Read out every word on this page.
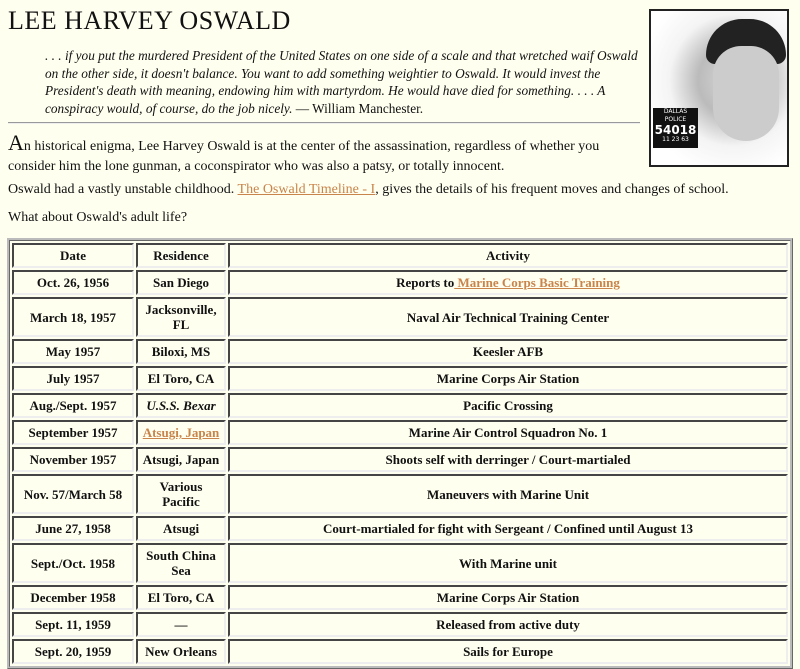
LEE HARVEY OSWALD
. . . if you put the murdered President of the United States on one side of a scale and that wretched waif Oswald on the other side, it doesn't balance. You want to add something weightier to Oswald. It would invest the President's death with meaning, endowing him with martyrdom. He would have died for something. . . . A conspiracy would, of course, do the job nicely. — William Manchester.	DALLAS
POLICE
54018
11 23 63
An historical enigma, Lee Harvey Oswald is at the center of the assassination, regardless of whether you consider him the lone gunman, a coconspirator who was also a patsy, or totally innocent.
Oswald had a vastly unstable childhood. The Oswald Timeline - I, gives the details of his frequent moves and changes of school.
What about Oswald's adult life?
Date	Residence	Activity
Oct. 26, 1956	San Diego	Reports to Marine Corps Basic Training
March 18, 1957	Jacksonville, FL	Naval Air Technical Training Center
May 1957	Biloxi, MS	Keesler AFB
July 1957	El Toro, CA	Marine Corps Air Station
Aug./Sept. 1957	U.S.S. Bexar	Pacific Crossing
September 1957	Atsugi, Japan	Marine Air Control Squadron No. 1
November 1957	Atsugi, Japan	Shoots self with derringer / Court-martialed
Nov. 57/March 58	Various Pacific	Maneuvers with Marine Unit
June 27, 1958	Atsugi	Court-martialed for fight with Sergeant / Confined until August 13
Sept./Oct. 1958	South China Sea	With Marine unit
December 1958	El Toro, CA	Marine Corps Air Station
Sept. 11, 1959	—	Released from active duty
Sept. 20, 1959	New Orleans	Sails for Europe
